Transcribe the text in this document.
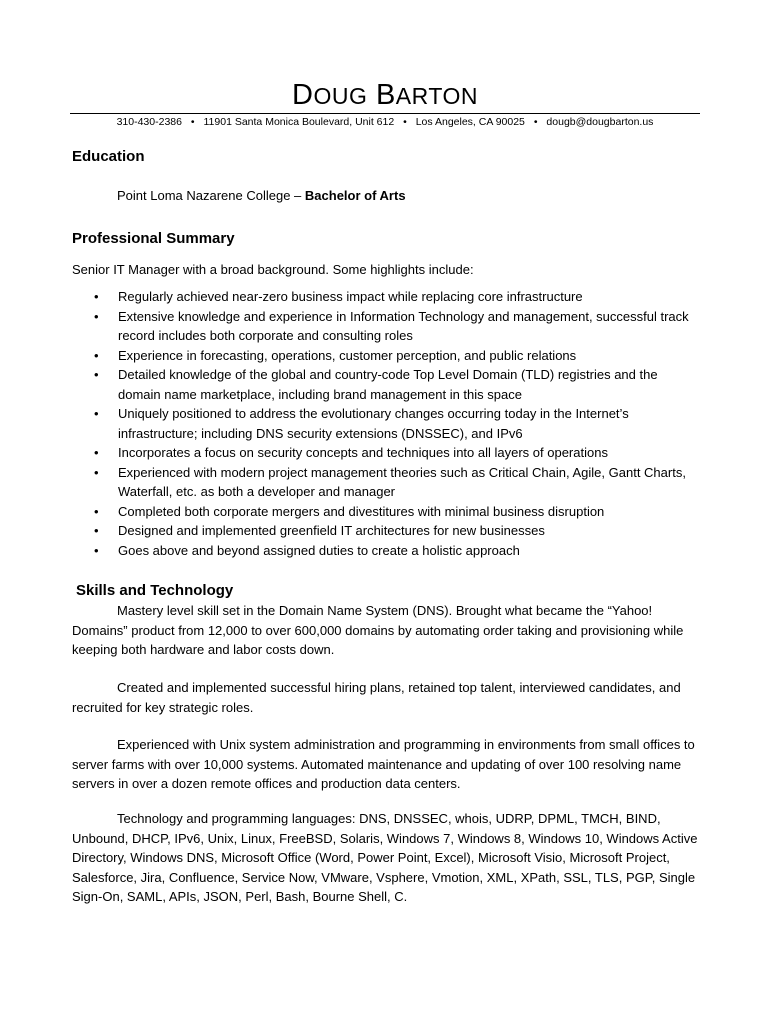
DOUG BARTON
310-430-2386 • 11901 Santa Monica Boulevard, Unit 612 • Los Angeles, CA 90025 • dougb@dougbarton.us
Education
Point Loma Nazarene College – Bachelor of Arts
Professional Summary
Senior IT Manager with a broad background. Some highlights include:
• Regularly achieved near-zero business impact while replacing core infrastructure
• Extensive knowledge and experience in Information Technology and management, successful track record includes both corporate and consulting roles
• Experience in forecasting, operations, customer perception, and public relations
• Detailed knowledge of the global and country-code Top Level Domain (TLD) registries and the domain name marketplace, including brand management in this space
• Uniquely positioned to address the evolutionary changes occurring today in the Internet’s infrastructure; including DNS security extensions (DNSSEC), and IPv6
• Incorporates a focus on security concepts and techniques into all layers of operations
• Experienced with modern project management theories such as Critical Chain, Agile, Gantt Charts, Waterfall, etc. as both a developer and manager
• Completed both corporate mergers and divestitures with minimal business disruption
• Designed and implemented greenfield IT architectures for new businesses
• Goes above and beyond assigned duties to create a holistic approach
Skills and Technology
Mastery level skill set in the Domain Name System (DNS). Brought what became the “Yahoo! Domains” product from 12,000 to over 600,000 domains by automating order taking and provisioning while keeping both hardware and labor costs down.
Created and implemented successful hiring plans, retained top talent, interviewed candidates, and recruited for key strategic roles.
Experienced with Unix system administration and programming in environments from small offices to server farms with over 10,000 systems. Automated maintenance and updating of over 100 resolving name servers in over a dozen remote offices and production data centers.
Technology and programming languages: DNS, DNSSEC, whois, UDRP, DPML, TMCH, BIND, Unbound, DHCP, IPv6, Unix, Linux, FreeBSD, Solaris, Windows 7, Windows 8, Windows 10, Windows Active Directory, Windows DNS, Microsoft Office (Word, Power Point, Excel), Microsoft Visio, Microsoft Project, Salesforce, Jira, Confluence, Service Now, VMware, Vsphere, Vmotion, XML, XPath, SSL, TLS, PGP, Single Sign-On, SAML, APIs, JSON, Perl, Bash, Bourne Shell, C.
